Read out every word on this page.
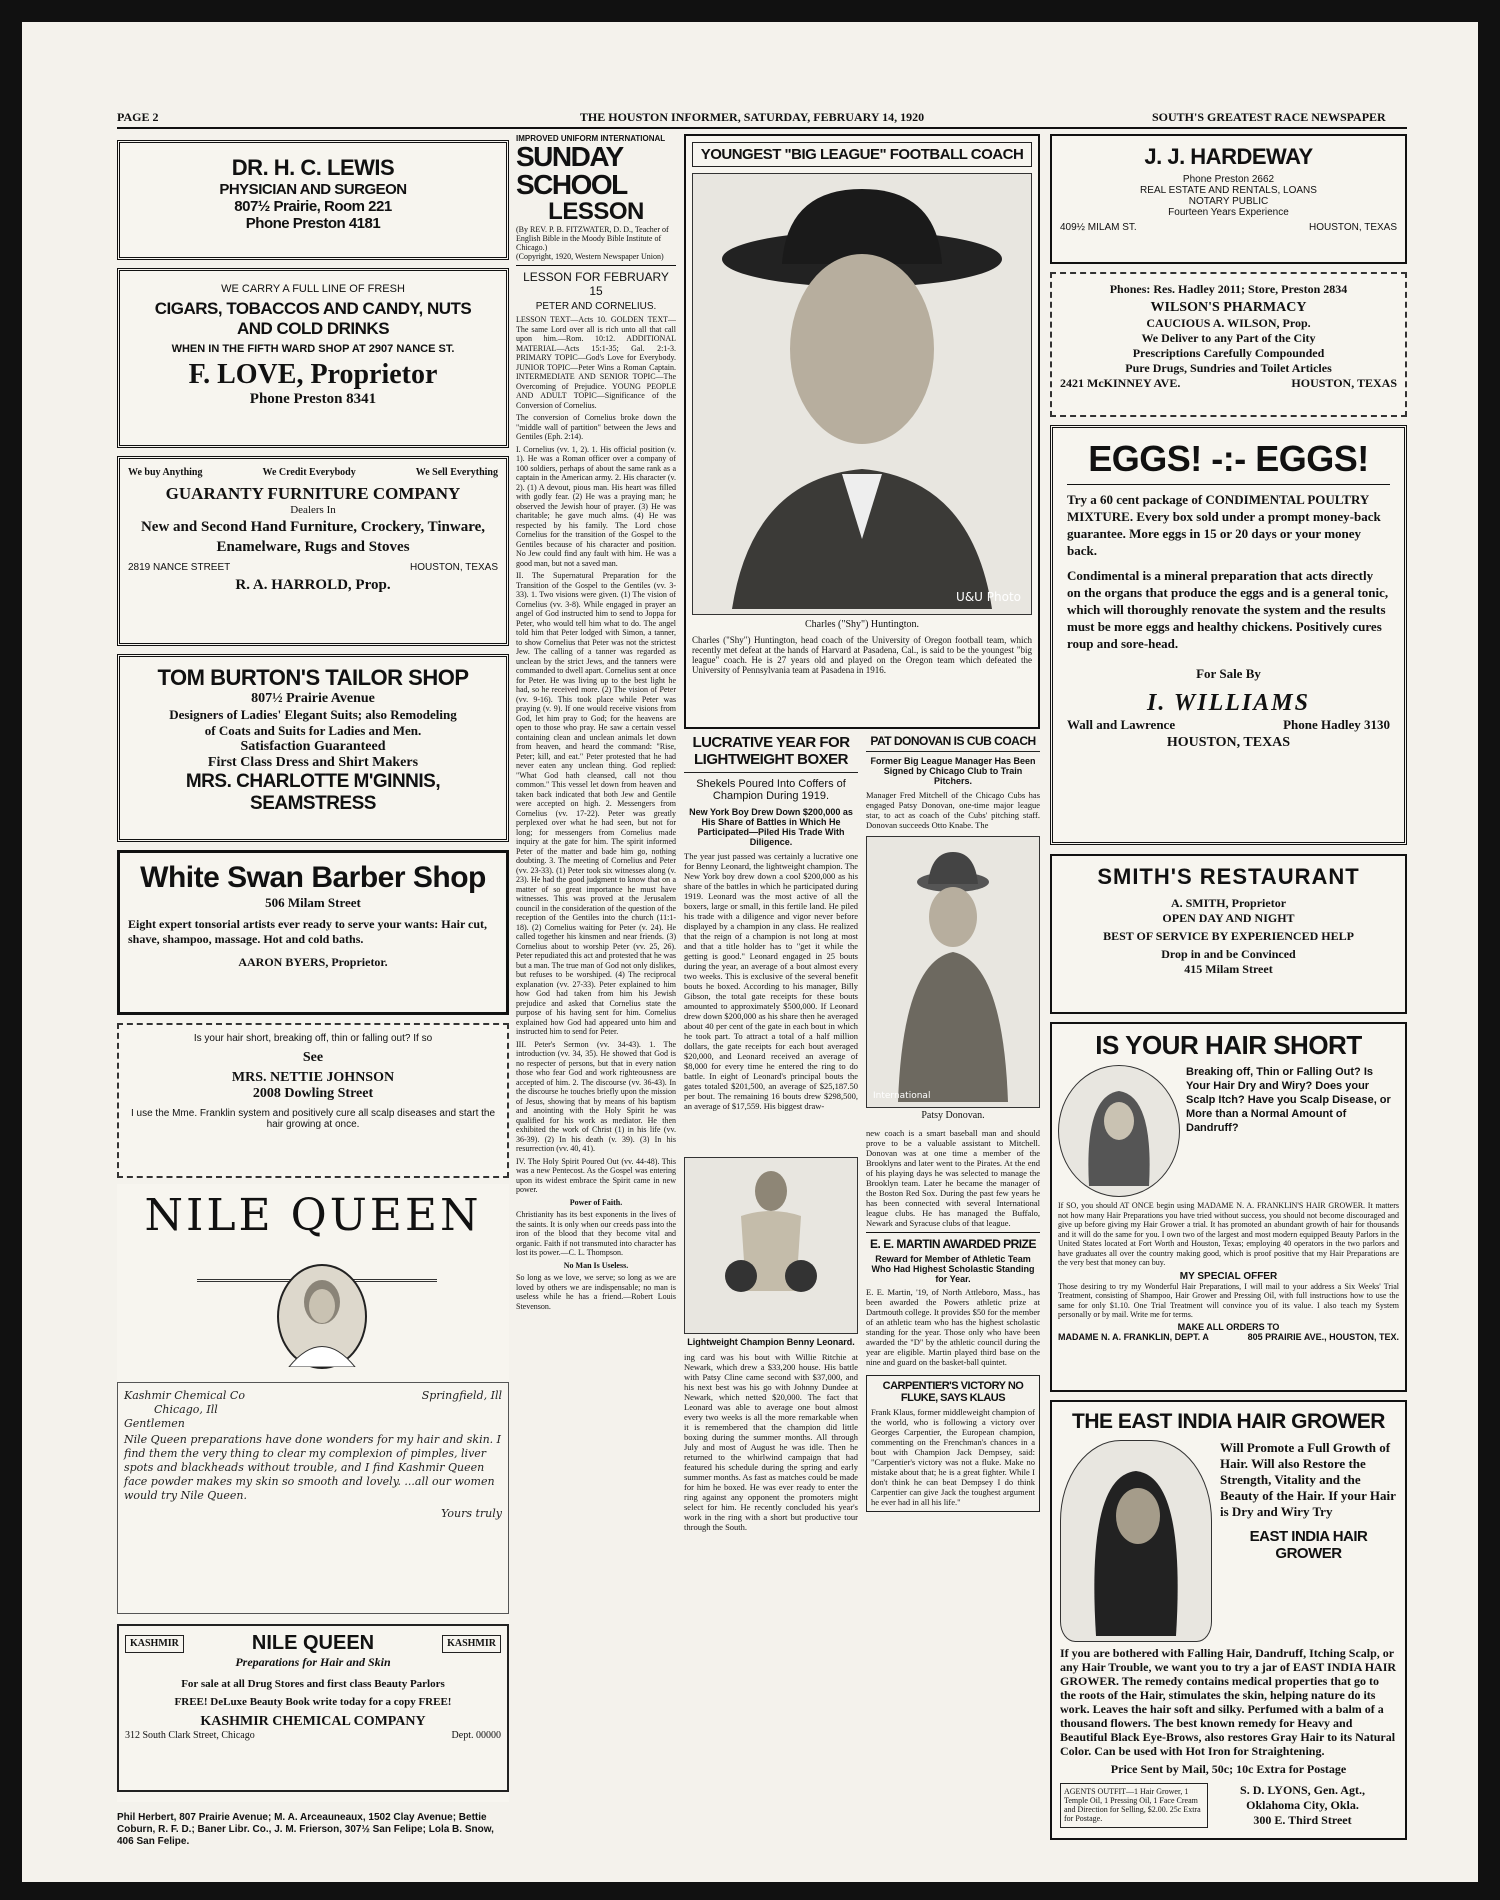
PAGE 2	THE HOUSTON INFORMER, SATURDAY, FEBRUARY 14, 1920	SOUTH'S GREATEST RACE NEWSPAPER
DR. H. C. LEWIS
PHYSICIAN AND SURGEON
807½ Prairie, Room 221
Phone Preston 4181
WE CARRY A FULL LINE OF FRESH
CIGARS, TOBACCOS AND CANDY, NUTS
AND COLD DRINKS
WHEN IN THE FIFTH WARD SHOP AT 2907 NANCE ST.
F. LOVE, Proprietor
Phone Preston 8341
We buy Anything	We Credit Everybody	We Sell Everything
GUARANTY FURNITURE COMPANY
Dealers In
New and Second Hand Furniture, Crockery, Tinware,
Enamelware, Rugs and Stoves
2819 NANCE STREET	HOUSTON, TEXAS
R. A. HARROLD, Prop.
TOM BURTON'S TAILOR SHOP
807½ Prairie Avenue
Designers of Ladies' Elegant Suits; also Remodeling
of Coats and Suits for Ladies and Men.
Satisfaction Guaranteed
First Class Dress and Shirt Makers
MRS. CHARLOTTE M'GINNIS, SEAMSTRESS
White Swan Barber Shop
506 Milam Street
Eight expert tonsorial artists ever ready to serve your wants: Hair cut, shave, shampoo, massage. Hot and cold baths.
AARON BYERS, Proprietor.
Is your hair short, breaking off, thin or falling out? If so
See
MRS. NETTIE JOHNSON
2008 Dowling Street
I use the Mme. Franklin system and positively cure all scalp diseases and start the hair growing at once.
NILE QUEEN
Kashmir Chemical Co	Springfield, Ill
Chicago, Ill
Gentlemen
Nile Queen preparations have done wonders for my hair and skin. I find them the very thing to clear my complexion of pimples, liver spots and blackheads without trouble, and I find Kashmir Queen face powder makes my skin so smooth and lovely. ...all our women would try Nile Queen.
Yours truly
KASHMIR	NILE QUEEN	KASHMIR
Preparations for Hair and Skin
For sale at all Drug Stores and first class Beauty Parlors
FREE! DeLuxe Beauty Book write today for a copy FREE!
KASHMIR CHEMICAL COMPANY
312 South Clark Street, Chicago	Dept. 00000
Phil Herbert, 807 Prairie Avenue; M. A. Arceauneaux, 1502 Clay Avenue; Bettie Coburn, R. F. D.; Baner Libr. Co., J. M. Frierson, 307½ San Felipe; Lola B. Snow, 406 San Felipe.
IMPROVED UNIFORM INTERNATIONAL
SUNDAY SCHOOL
LESSON
(By REV. P. B. FITZWATER, D. D., Teacher of English Bible in the Moody Bible Institute of Chicago.)
(Copyright, 1920, Western Newspaper Union)
LESSON FOR FEBRUARY 15
PETER AND CORNELIUS.

LESSON TEXT—Acts 10. GOLDEN TEXT—The same Lord over all is rich unto all that call upon him.—Rom. 10:12. ADDITIONAL MATERIAL—Acts 15:1-35; Gal. 2:1-3. PRIMARY TOPIC—God's Love for Everybody. JUNIOR TOPIC—Peter Wins a Roman Captain. INTERMEDIATE AND SENIOR TOPIC—The Overcoming of Prejudice. YOUNG PEOPLE AND ADULT TOPIC—Significance of the Conversion of Cornelius.

The conversion of Cornelius broke down the "middle wall of partition" between the Jews and Gentiles (Eph. 2:14).

I. Cornelius (vv. 1, 2). 1. His official position (v. 1). He was a Roman officer over a company of 100 soldiers, perhaps of about the same rank as a captain in the American army. 2. His character (v. 2). (1) A devout, pious man. His heart was filled with godly fear. (2) He was a praying man; he observed the Jewish hour of prayer. (3) He was charitable; he gave much alms. (4) He was respected by his family. The Lord chose Cornelius for the transition of the Gospel to the Gentiles because of his character and position. No Jew could find any fault with him. He was a good man, but not a saved man.

II. The Supernatural Preparation for the Transition of the Gospel to the Gentiles (vv. 3-33). 1. Two visions were given. (1) The vision of Cornelius (vv. 3-8). While engaged in prayer an angel of God instructed him to send to Joppa for Peter, who would tell him what to do. The angel told him that Peter lodged with Simon, a tanner, to show Cornelius that Peter was not the strictest Jew. The calling of a tanner was regarded as unclean by the strict Jews, and the tanners were commanded to dwell apart. Cornelius sent at once for Peter. He was living up to the best light he had, so he received more. (2) The vision of Peter (vv. 9-16). This took place while Peter was praying (v. 9). If one would receive visions from God, let him pray to God; for the heavens are open to those who pray. He saw a certain vessel containing clean and unclean animals let down from heaven, and heard the command: "Rise, Peter; kill, and eat." Peter protested that he had never eaten any unclean thing. God replied: "What God hath cleansed, call not thou common." This vessel let down from heaven and taken back indicated that both Jew and Gentile were accepted on high. 2. Messengers from Cornelius (vv. 17-22). Peter was greatly perplexed over what he had seen, but not for long; for messengers from Cornelius made inquiry at the gate for him. The spirit informed Peter of the matter and bade him go, nothing doubting. 3. The meeting of Cornelius and Peter (vv. 23-33). (1) Peter took six witnesses along (v. 23). He had the good judgment to know that on a matter of so great importance he must have witnesses. This was proved at the Jerusalem council in the consideration of the question of the reception of the Gentiles into the church (11:1-18). (2) Cornelius waiting for Peter (v. 24). He called together his kinsmen and near friends. (3) Cornelius about to worship Peter (vv. 25, 26). Peter repudiated this act and protested that he was but a man. The true man of God not only dislikes, but refuses to be worshiped. (4) The reciprocal explanation (vv. 27-33). Peter explained to him how God had taken from him his Jewish prejudice and asked that Cornelius state the purpose of his having sent for him. Cornelius explained how God had appeared unto him and instructed him to send for Peter.

III. Peter's Sermon (vv. 34-43). 1. The introduction (vv. 34, 35). He showed that God is no respecter of persons, but that in every nation those who fear God and work righteousness are accepted of him. 2. The discourse (vv. 36-43). In the discourse he touches briefly upon the mission of Jesus, showing that by means of his baptism and anointing with the Holy Spirit he was qualified for his work as mediator. He then exhibited the work of Christ (1) in his life (vv. 36-39). (2) In his death (v. 39). (3) In his resurrection (vv. 40, 41).

IV. The Holy Spirit Poured Out (vv. 44-48). This was a new Pentecost. As the Gospel was entering upon its widest embrace the Spirit came in new power.

Power of Faith.

Christianity has its best exponents in the lives of the saints. It is only when our creeds pass into the iron of the blood that they become vital and organic. Faith if not transmuted into character has lost its power.—C. L. Thompson.

No Man Is Useless.

So long as we love, we serve; so long as we are loved by others we are indispensable; no man is useless while he has a friend.—Robert Louis Stevenson.

YOUNGEST "BIG LEAGUE" FOOTBALL COACH
U&U Photo
Charles ("Shy") Huntington.
Charles ("Shy") Huntington, head coach of the University of Oregon football team, which recently met defeat at the hands of Harvard at Pasadena, Cal., is said to be the youngest "big league" coach. He is 27 years old and played on the Oregon team which defeated the University of Pennsylvania team at Pasadena in 1916.
LUCRATIVE YEAR FOR LIGHTWEIGHT BOXER
Shekels Poured Into Coffers of Champion During 1919.
New York Boy Drew Down $200,000 as His Share of Battles in Which He Participated—Piled His Trade With Diligence.
The year just passed was certainly a lucrative one for Benny Leonard, the lightweight champion. The New York boy drew down a cool $200,000 as his share of the battles in which he participated during 1919. Leonard was the most active of all the boxers, large or small, in this fertile land. He piled his trade with a diligence and vigor never before displayed by a champion in any class. He realized that the reign of a champion is not long at most and that a title holder has to "get it while the getting is good." Leonard engaged in 25 bouts during the year, an average of a bout almost every two weeks. This is exclusive of the several benefit bouts he boxed. According to his manager, Billy Gibson, the total gate receipts for these bouts amounted to approximately $500,000. If Leonard drew down $200,000 as his share then he averaged about 40 per cent of the gate in each bout in which he took part. To attract a total of a half million dollars, the gate receipts for each bout averaged $20,000, and Leonard received an average of $8,000 for every time he entered the ring to do battle. In eight of Leonard's principal bouts the gates totaled $201,500, an average of $25,187.50 per bout. The remaining 16 bouts drew $298,500, an average of $17,559. His biggest draw-
Lightweight Champion Benny Leonard.
ing card was his bout with Willie Ritchie at Newark, which drew a $33,200 house. His battle with Patsy Cline came second with $37,000, and his next best was his go with Johnny Dundee at Newark, which netted $20,000. The fact that Leonard was able to average one bout almost every two weeks is all the more remarkable when it is remembered that the champion did little boxing during the summer months. All through July and most of August he was idle. Then he returned to the whirlwind campaign that had featured his schedule during the spring and early summer months. As fast as matches could be made for him he boxed. He was ever ready to enter the ring against any opponent the promoters might select for him. He recently concluded his year's work in the ring with a short but productive tour through the South.
PAT DONOVAN IS CUB COACH
Former Big League Manager Has Been Signed by Chicago Club to Train Pitchers.
Manager Fred Mitchell of the Chicago Cubs has engaged Patsy Donovan, one-time major league star, to act as coach of the Cubs' pitching staff. Donovan succeeds Otto Knabe. The
International
Patsy Donovan.
new coach is a smart baseball man and should prove to be a valuable assistant to Mitchell. Donovan was at one time a member of the Brooklyns and later went to the Pirates. At the end of his playing days he was selected to manage the Brooklyn team. Later he became the manager of the Boston Red Sox. During the past few years he has been connected with several International league clubs. He has managed the Buffalo, Newark and Syracuse clubs of that league.
E. E. MARTIN AWARDED PRIZE
Reward for Member of Athletic Team Who Had Highest Scholastic Standing for Year.
E. E. Martin, '19, of North Attleboro, Mass., has been awarded the Powers athletic prize at Dartmouth college. It provides $50 for the member of an athletic team who has the highest scholastic standing for the year. Those only who have been awarded the "D" by the athletic council during the year are eligible. Martin played third base on the nine and guard on the basket-ball quintet.
CARPENTIER'S VICTORY NO FLUKE, SAYS KLAUS
Frank Klaus, former middleweight champion of the world, who is following a victory over Georges Carpentier, the European champion, commenting on the Frenchman's chances in a bout with Champion Jack Dempsey, said: "Carpentier's victory was not a fluke. Make no mistake about that; he is a great fighter. While I don't think he can beat Dempsey I do think Carpentier can give Jack the toughest argument he ever had in all his life."
J. J. HARDEWAY
Phone Preston 2662
REAL ESTATE AND RENTALS, LOANS
NOTARY PUBLIC
Fourteen Years Experience
409½ MILAM ST.	HOUSTON, TEXAS
Phones: Res. Hadley 2011; Store, Preston 2834
WILSON'S PHARMACY
CAUCIOUS A. WILSON, Prop.
We Deliver to any Part of the City
Prescriptions Carefully Compounded
Pure Drugs, Sundries and Toilet Articles
2421 McKINNEY AVE.	HOUSTON, TEXAS
EGGS! -:- EGGS!
Try a 60 cent package of CONDIMENTAL POULTRY MIXTURE. Every box sold under a prompt money-back guarantee. More eggs in 15 or 20 days or your money back.
Condimental is a mineral preparation that acts directly on the organs that produce the eggs and is a general tonic, which will thoroughly renovate the system and the results must be more eggs and healthy chickens. Positively cures roup and sore-head.
For Sale By
I. WILLIAMS
Wall and Lawrence	Phone Hadley 3130
HOUSTON, TEXAS
SMITH'S RESTAURANT
A. SMITH, Proprietor
OPEN DAY AND NIGHT
BEST OF SERVICE BY EXPERIENCED HELP
Drop in and be Convinced
415 Milam Street
IS YOUR HAIR SHORT
Breaking off, Thin or Falling Out? Is Your Hair Dry and Wiry? Does your Scalp Itch? Have you Scalp Disease, or More than a Normal Amount of Dandruff?
If SO, you should AT ONCE begin using MADAME N. A. FRANKLIN'S HAIR GROWER. It matters not how many Hair Preparations you have tried without success, you should not become discouraged and give up before giving my Hair Grower a trial. It has promoted an abundant growth of hair for thousands and it will do the same for you. I own two of the largest and most modern equipped Beauty Parlors in the United States located at Fort Worth and Houston, Texas; employing 40 operators in the two parlors and have graduates all over the country making good, which is proof positive that my Hair Preparations are the very best that money can buy.
MY SPECIAL OFFER
Those desiring to try my Wonderful Hair Preparations, I will mail to your address a Six Weeks' Trial Treatment, consisting of Shampoo, Hair Grower and Pressing Oil, with full instructions how to use the same for only $1.10. One Trial Treatment will convince you of its value. I also teach my System personally or by mail. Write me for terms.
MAKE ALL ORDERS TO
MADAME N. A. FRANKLIN, DEPT. A	805 PRAIRIE AVE., HOUSTON, TEX.
THE EAST INDIA HAIR GROWER
Will Promote a Full Growth of Hair. Will also Restore the Strength, Vitality and the Beauty of the Hair. If your Hair is Dry and Wiry Try
EAST INDIA HAIR GROWER
If you are bothered with Falling Hair, Dandruff, Itching Scalp, or any Hair Trouble, we want you to try a jar of EAST INDIA HAIR GROWER. The remedy contains medical properties that go to the roots of the Hair, stimulates the skin, helping nature do its work. Leaves the hair soft and silky. Perfumed with a balm of a thousand flowers. The best known remedy for Heavy and Beautiful Black Eye-Brows, also restores Gray Hair to its Natural Color. Can be used with Hot Iron for Straightening.
Price Sent by Mail, 50c; 10c Extra for Postage
AGENTS OUTFIT—1 Hair Grower, 1 Temple Oil, 1 Pressing Oil, 1 Face Cream and Direction for Selling, $2.00. 25c Extra for Postage.
S. D. LYONS, Gen. Agt.,
Oklahoma City, Okla.
300 E. Third Street
